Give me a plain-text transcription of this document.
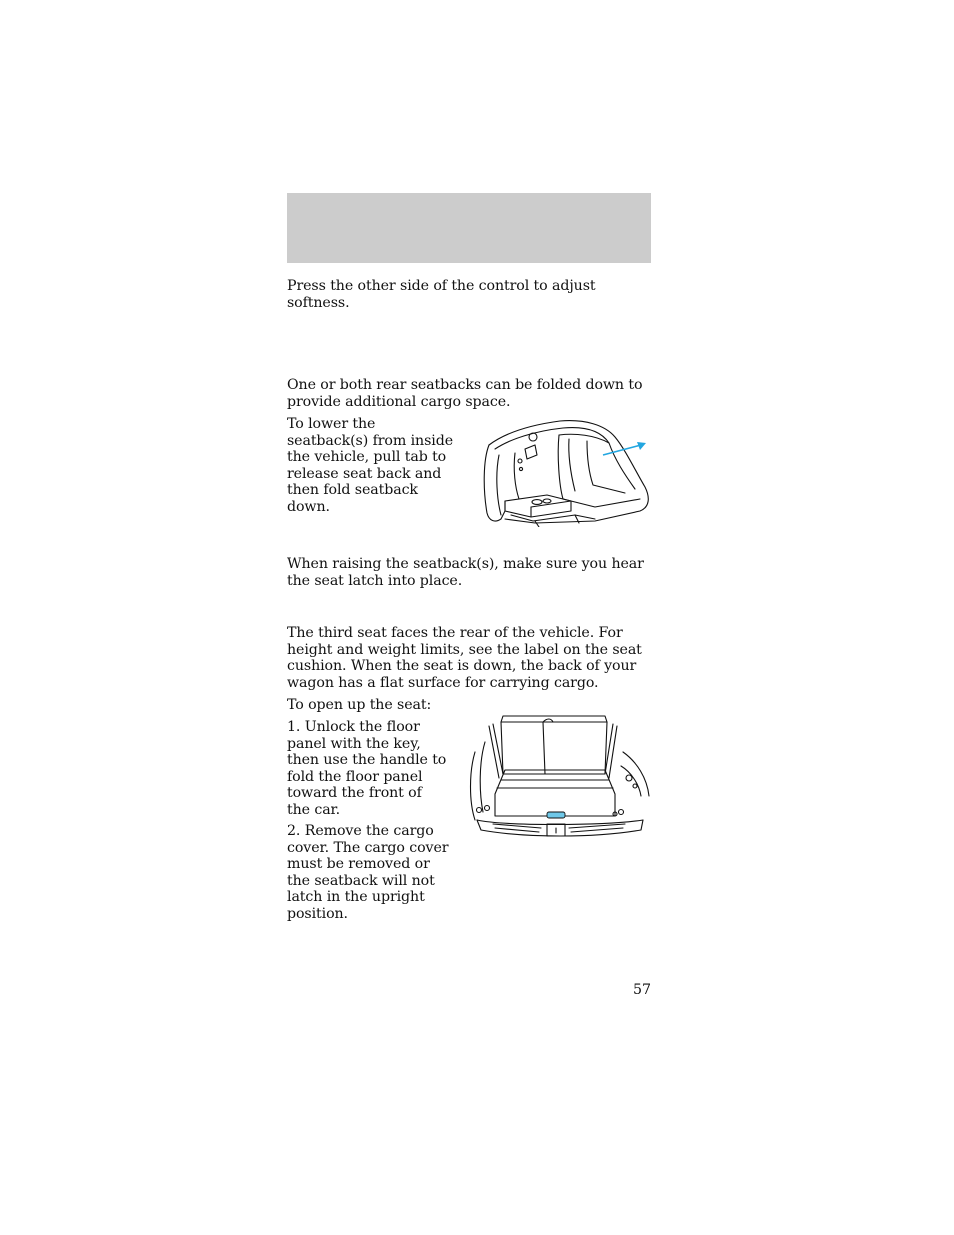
Press the other side of the control to adjust softness.

One or both rear seatbacks can be folded down to provide additional cargo space.

To lower the seatback(s) from inside the vehicle, pull tab to release seat back and then fold seatback down.

When raising the seatback(s), make sure you hear the seat latch into place.

The third seat faces the rear of the vehicle. For height and weight limits, see the label on the seat cushion. When the seat is down, the back of your wagon has a flat surface for carrying cargo.

To open up the seat:

1. Unlock the floor panel with the key, then use the handle to fold the floor panel toward the front of the car.

2. Remove the cargo cover. The cargo cover must be removed or the seatback will not latch in the upright position.

57
